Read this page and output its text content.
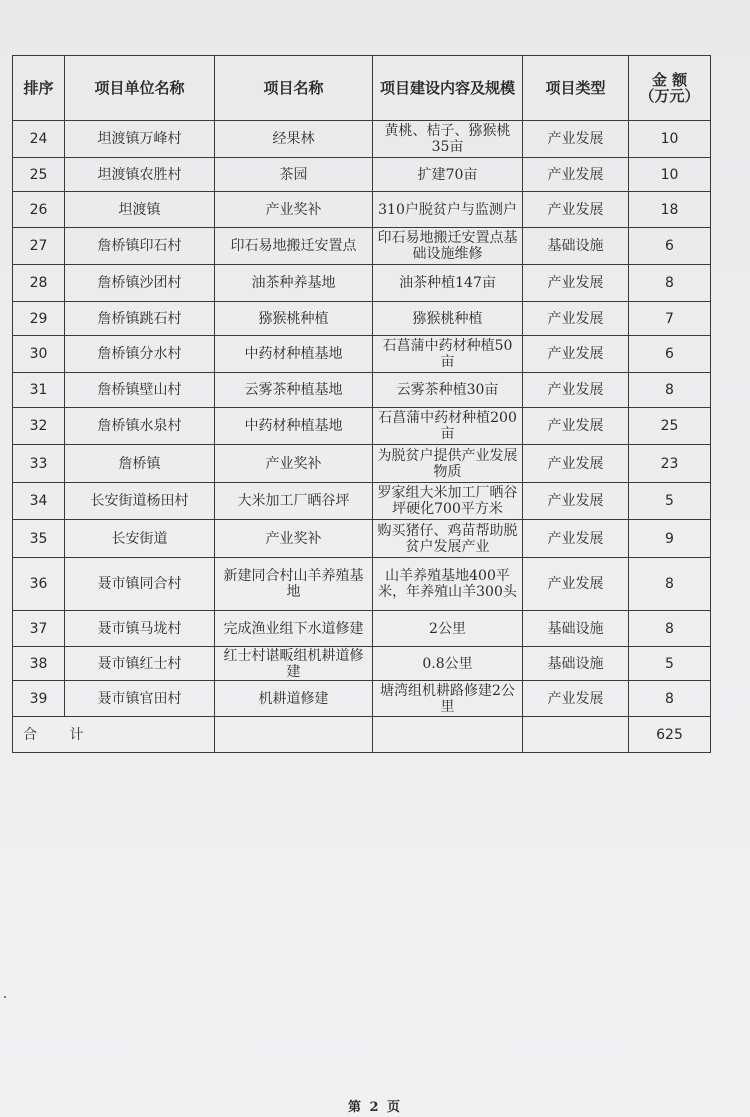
排序	项目单位名称	项目名称	项目建设内容及规模	项目类型	金 额
（万元）
24	坦渡镇万峰村	经果林	黄桃、桔子、猕猴桃35亩	产业发展	10
25	坦渡镇农胜村	茶园	扩建70亩	产业发展	10
26	坦渡镇	产业奖补	310户脱贫户与监测户	产业发展	18
27	詹桥镇印石村	印石易地搬迁安置点	印石易地搬迁安置点基础设施维修	基础设施	6
28	詹桥镇沙团村	油茶种养基地	油茶种植147亩	产业发展	8
29	詹桥镇跳石村	猕猴桃种植	猕猴桃种植	产业发展	7
30	詹桥镇分水村	中药材种植基地	石菖蒲中药材种植50亩	产业发展	6
31	詹桥镇壁山村	云雾茶种植基地	云雾茶种植30亩	产业发展	8
32	詹桥镇水泉村	中药材种植基地	石菖蒲中药材种植200亩	产业发展	25
33	詹桥镇	产业奖补	为脱贫户提供产业发展物质	产业发展	23
34	长安街道杨田村	大米加工厂晒谷坪	罗家组大米加工厂晒谷坪硬化700平方米	产业发展	5
35	长安街道	产业奖补	购买猪仔、鸡苗帮助脱贫户发展产业	产业发展	9
36	聂市镇同合村	新建同合村山羊养殖基地	山羊养殖基地400平米，年养殖山羊300头	产业发展	8
37	聂市镇马垅村	完成渔业组下水道修建	2公里	基础设施	8
38	聂市镇红士村	红士村谌畈组机耕道修建	0.8公里	基础设施	5
39	聂市镇官田村	机耕道修建	塘湾组机耕路修建2公里	产业发展	8
合 计					625
第 2 页
